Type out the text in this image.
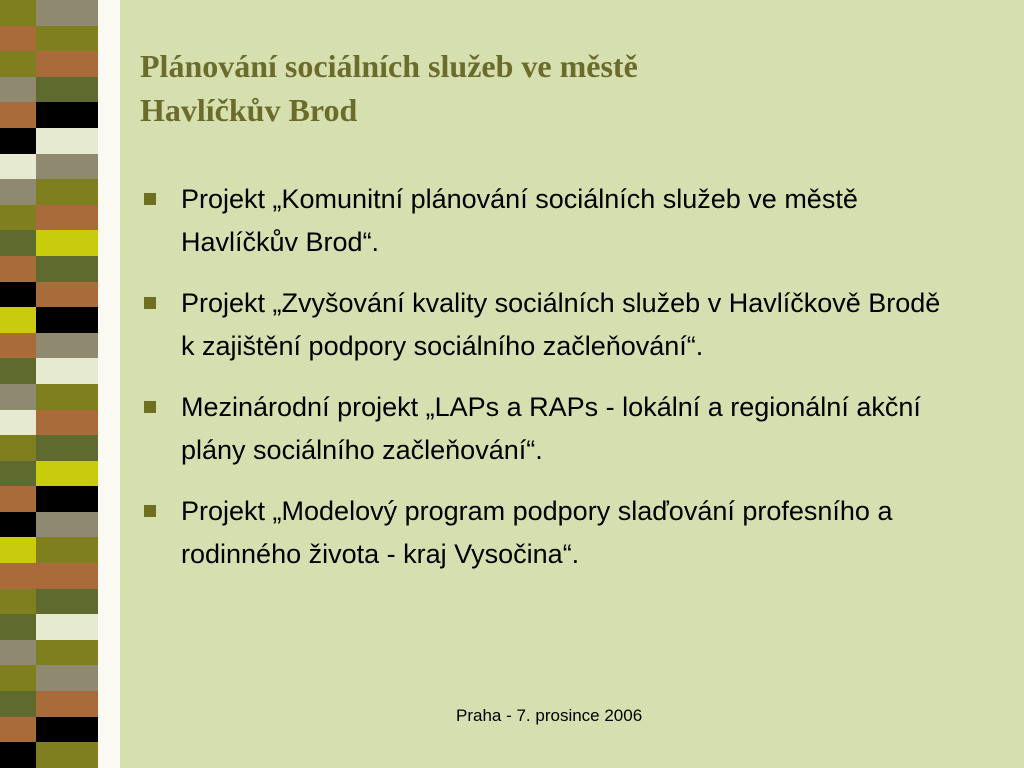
Plánování sociálních služeb ve městě
Havlíčkův Brod
Projekt „Komunitní plánování sociálních služeb ve městě Havlíčkův Brod“.
Projekt „Zvyšování kvality sociálních služeb v Havlíčkově Brodě k zajištění podpory sociálního začleňování“.
Mezinárodní projekt „LAPs a RAPs - lokální a regionální akční plány sociálního začleňování“.
Projekt „Modelový program podpory slaďování profesního a rodinného života - kraj Vysočina“.
Praha - 7. prosince 2006
